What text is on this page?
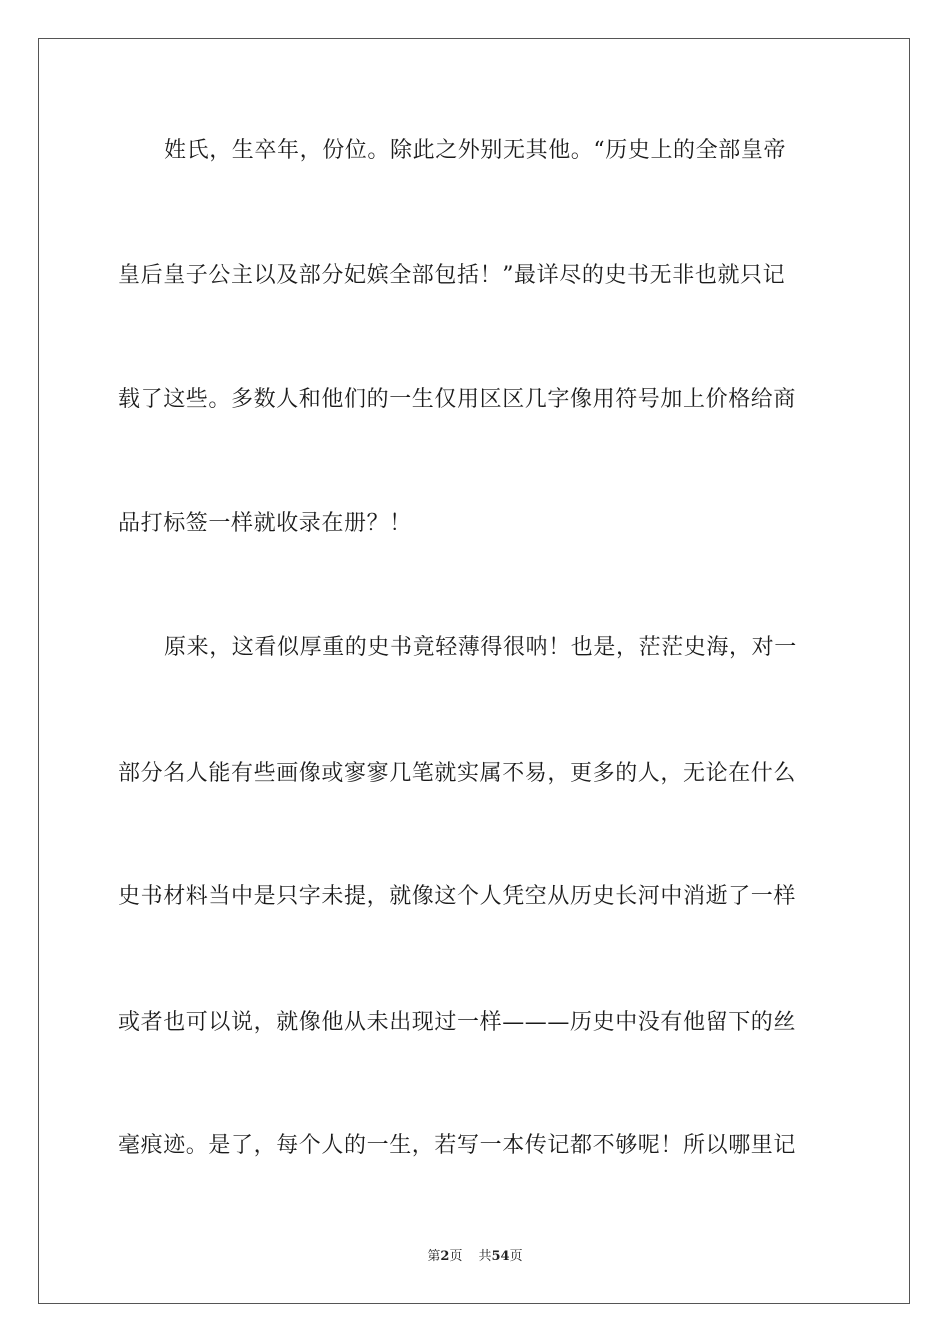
姓氏，生卒年，份位。除此之外别无其他。“历史上的全部皇帝
皇后皇子公主以及部分妃嫔全部包括！”最详尽的史书无非也就只记
载了这些。多数人和他们的一生仅用区区几字像用符号加上价格给商
品打标签一样就收录在册？！
原来，这看似厚重的史书竟轻薄得很呐！也是，茫茫史海，对一
部分名人能有些画像或寥寥几笔就实属不易，更多的人，无论在什么
史书材料当中是只字未提，就像这个人凭空从历史长河中消逝了一样
或者也可以说，就像他从未出现过一样———历史中没有他留下的丝
毫痕迹。是了，每个人的一生，若写一本传记都不够呢！所以哪里记
第2页 共54页
